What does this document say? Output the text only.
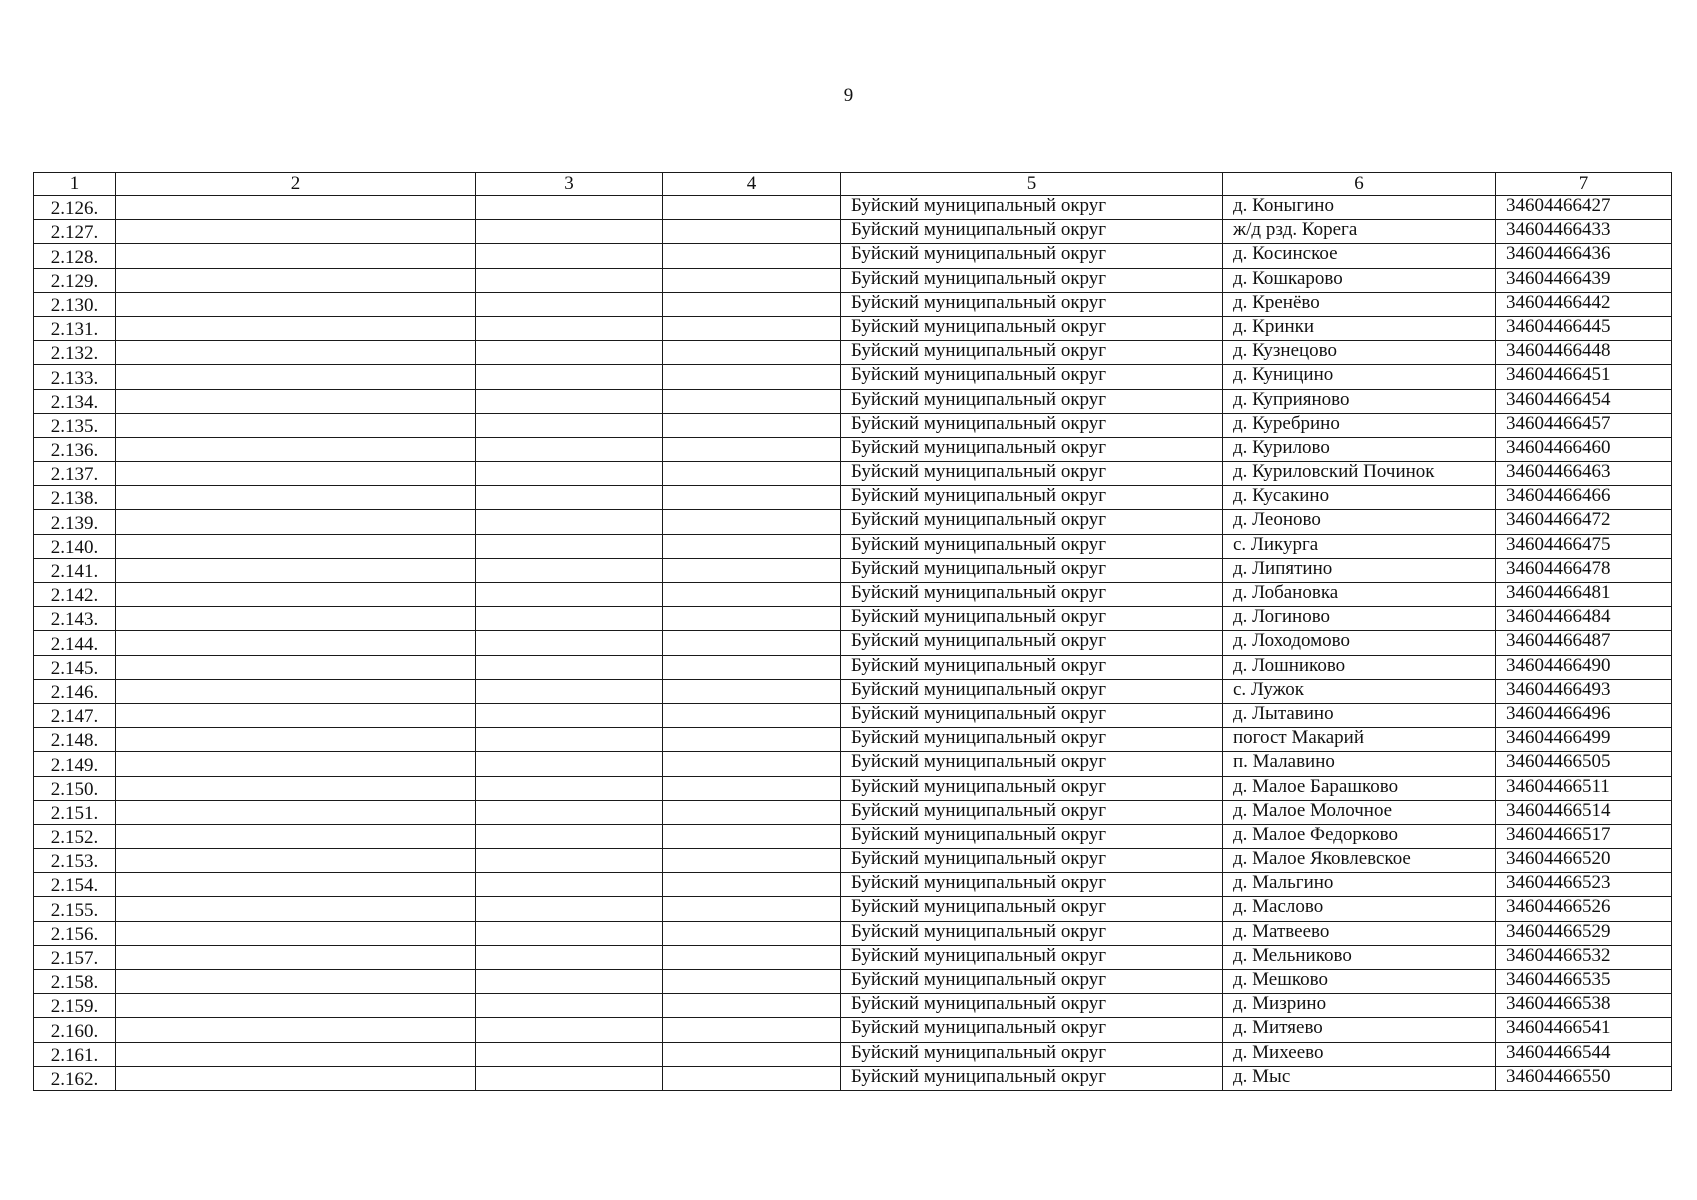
9
1	2	3	4	5	6	7
2.126.				Буйский муниципальный округ	д. Коныгино	34604466427
2.127.				Буйский муниципальный округ	ж/д рзд. Корега	34604466433
2.128.				Буйский муниципальный округ	д. Косинское	34604466436
2.129.				Буйский муниципальный округ	д. Кошкарово	34604466439
2.130.				Буйский муниципальный округ	д. Кренёво	34604466442
2.131.				Буйский муниципальный округ	д. Кринки	34604466445
2.132.				Буйский муниципальный округ	д. Кузнецово	34604466448
2.133.				Буйский муниципальный округ	д. Куницино	34604466451
2.134.				Буйский муниципальный округ	д. Куприяново	34604466454
2.135.				Буйский муниципальный округ	д. Куребрино	34604466457
2.136.				Буйский муниципальный округ	д. Курилово	34604466460
2.137.				Буйский муниципальный округ	д. Куриловский Починок	34604466463
2.138.				Буйский муниципальный округ	д. Кусакино	34604466466
2.139.				Буйский муниципальный округ	д. Леоново	34604466472
2.140.				Буйский муниципальный округ	с. Ликурга	34604466475
2.141.				Буйский муниципальный округ	д. Липятино	34604466478
2.142.				Буйский муниципальный округ	д. Лобановка	34604466481
2.143.				Буйский муниципальный округ	д. Логиново	34604466484
2.144.				Буйский муниципальный округ	д. Лоходомово	34604466487
2.145.				Буйский муниципальный округ	д. Лошниково	34604466490
2.146.				Буйский муниципальный округ	с. Лужок	34604466493
2.147.				Буйский муниципальный округ	д. Лытавино	34604466496
2.148.				Буйский муниципальный округ	погост Макарий	34604466499
2.149.				Буйский муниципальный округ	п. Малавино	34604466505
2.150.				Буйский муниципальный округ	д. Малое Барашково	34604466511
2.151.				Буйский муниципальный округ	д. Малое Молочное	34604466514
2.152.				Буйский муниципальный округ	д. Малое Федорково	34604466517
2.153.				Буйский муниципальный округ	д. Малое Яковлевское	34604466520
2.154.				Буйский муниципальный округ	д. Мальгино	34604466523
2.155.				Буйский муниципальный округ	д. Маслово	34604466526
2.156.				Буйский муниципальный округ	д. Матвеево	34604466529
2.157.				Буйский муниципальный округ	д. Мельниково	34604466532
2.158.				Буйский муниципальный округ	д. Мешково	34604466535
2.159.				Буйский муниципальный округ	д. Мизрино	34604466538
2.160.				Буйский муниципальный округ	д. Митяево	34604466541
2.161.				Буйский муниципальный округ	д. Михеево	34604466544
2.162.				Буйский муниципальный округ	д. Мыс	34604466550
